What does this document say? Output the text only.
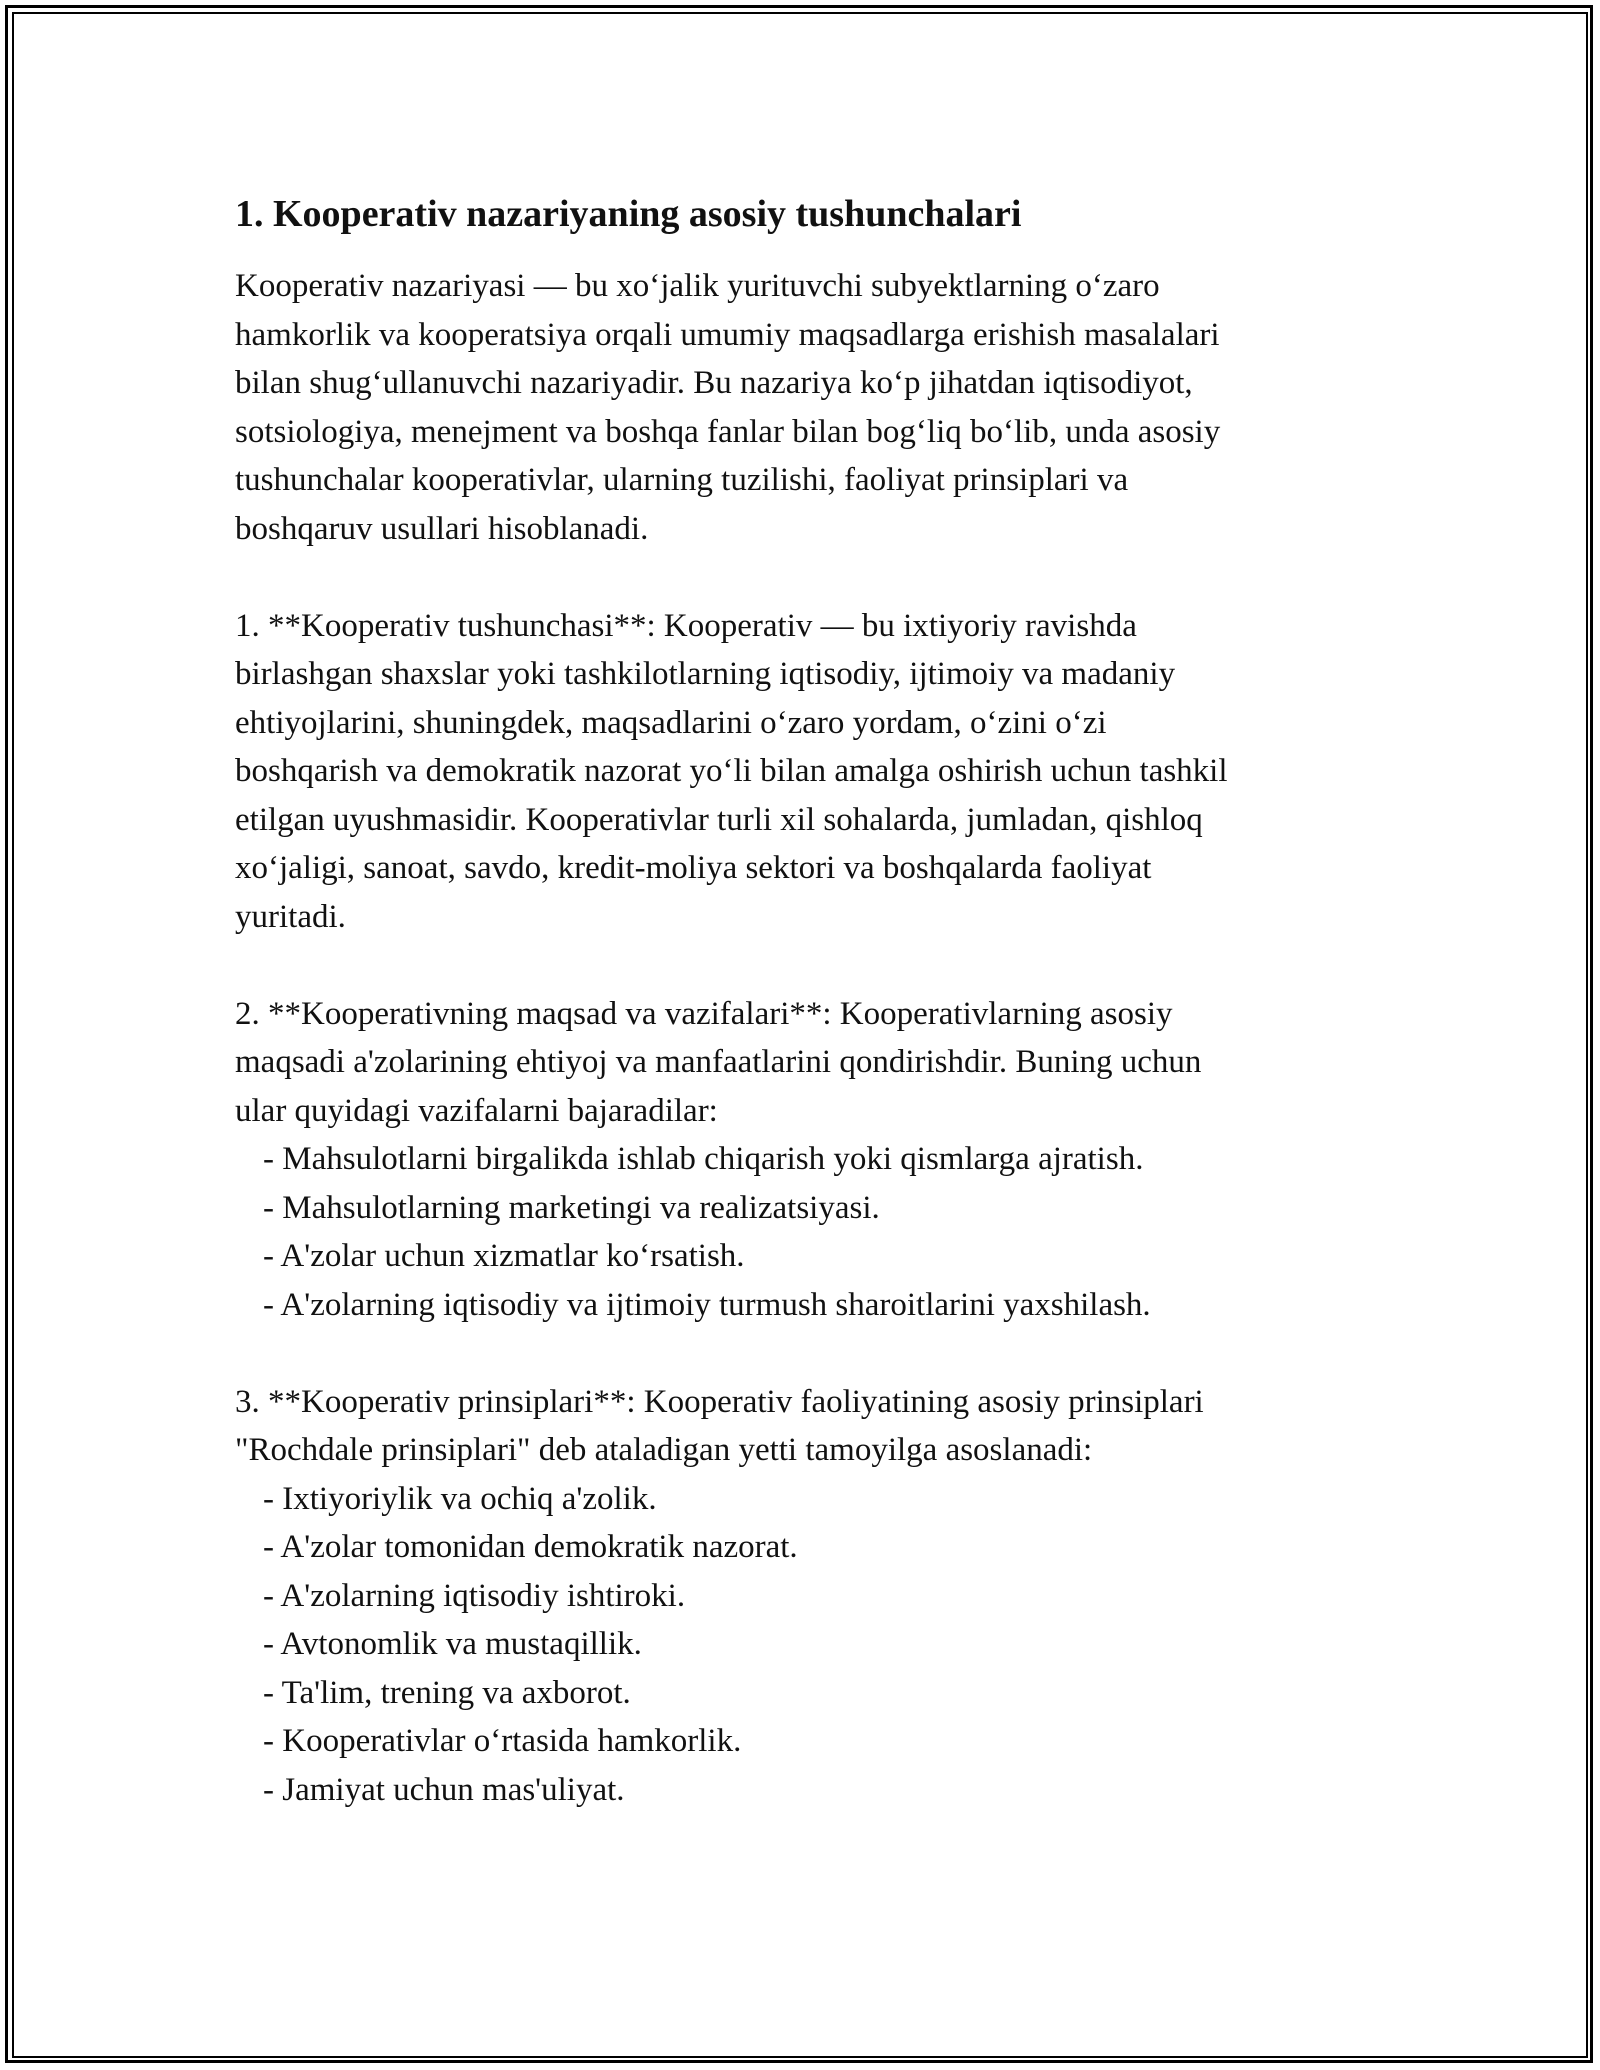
1. Kooperativ nazariyaning asosiy tushunchalari

Kooperativ nazariyasi — bu xo‘jalik yurituvchi subyektlarning o‘zaro

hamkorlik va kooperatsiya orqali umumiy maqsadlarga erishish masalalari

bilan shug‘ullanuvchi nazariyadir. Bu nazariya ko‘p jihatdan iqtisodiyot,

sotsiologiya, menejment va boshqa fanlar bilan bog‘liq bo‘lib, unda asosiy

tushunchalar kooperativlar, ularning tuzilishi, faoliyat prinsiplari va

boshqaruv usullari hisoblanadi.

1. **Kooperativ tushunchasi**: Kooperativ — bu ixtiyoriy ravishda

birlashgan shaxslar yoki tashkilotlarning iqtisodiy, ijtimoiy va madaniy

ehtiyojlarini, shuningdek, maqsadlarini o‘zaro yordam, o‘zini o‘zi

boshqarish va demokratik nazorat yo‘li bilan amalga oshirish uchun tashkil

etilgan uyushmasidir. Kooperativlar turli xil sohalarda, jumladan, qishloq

xo‘jaligi, sanoat, savdo, kredit-moliya sektori va boshqalarda faoliyat

yuritadi.

2. **Kooperativning maqsad va vazifalari**: Kooperativlarning asosiy

maqsadi a'zolarining ehtiyoj va manfaatlarini qondirishdir. Buning uchun

ular quyidagi vazifalarni bajaradilar:

- Mahsulotlarni birgalikda ishlab chiqarish yoki qismlarga ajratish.

- Mahsulotlarning marketingi va realizatsiyasi.

- A'zolar uchun xizmatlar ko‘rsatish.

- A'zolarning iqtisodiy va ijtimoiy turmush sharoitlarini yaxshilash.

3. **Kooperativ prinsiplari**: Kooperativ faoliyatining asosiy prinsiplari

"Rochdale prinsiplari" deb ataladigan yetti tamoyilga asoslanadi:

- Ixtiyoriylik va ochiq a'zolik.

- A'zolar tomonidan demokratik nazorat.

- A'zolarning iqtisodiy ishtiroki.

- Avtonomlik va mustaqillik.

- Ta'lim, trening va axborot.

- Kooperativlar o‘rtasida hamkorlik.

- Jamiyat uchun mas'uliyat.
